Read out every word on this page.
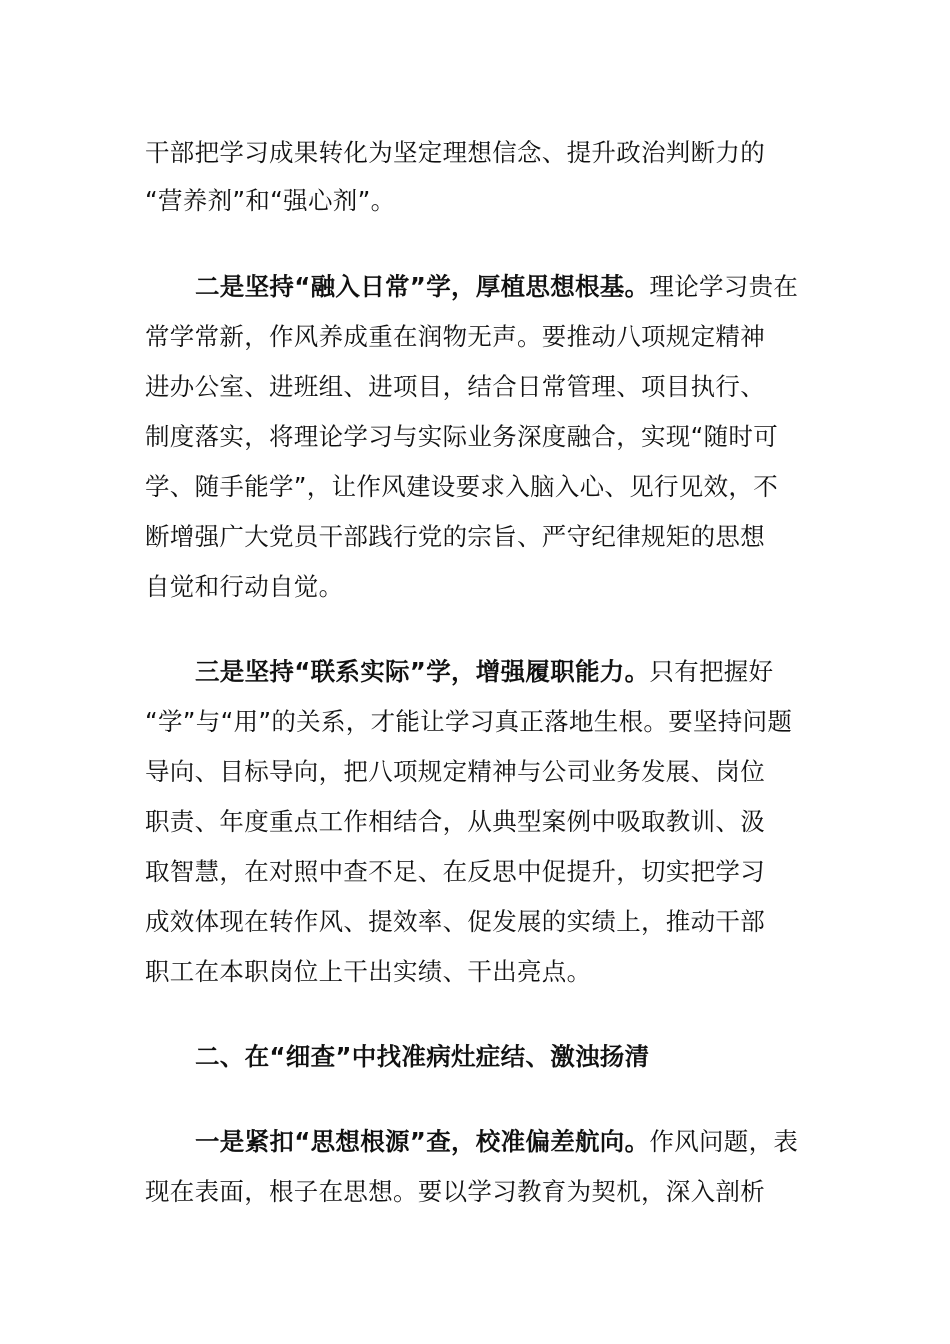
干部把学习成果转化为坚定理想信念、提升政治判断力的
“营养剂”和“强心剂”。
二是坚持“融入日常”学，厚植思想根基。理论学习贵在
常学常新，作风养成重在润物无声。要推动八项规定精神
进办公室、进班组、进项目，结合日常管理、项目执行、
制度落实，将理论学习与实际业务深度融合，实现“随时可
学、随手能学”，让作风建设要求入脑入心、见行见效，不
断增强广大党员干部践行党的宗旨、严守纪律规矩的思想
自觉和行动自觉。
三是坚持“联系实际”学，增强履职能力。只有把握好
“学”与“用”的关系，才能让学习真正落地生根。要坚持问题
导向、目标导向，把八项规定精神与公司业务发展、岗位
职责、年度重点工作相结合，从典型案例中吸取教训、汲
取智慧，在对照中查不足、在反思中促提升，切实把学习
成效体现在转作风、提效率、促发展的实绩上，推动干部
职工在本职岗位上干出实绩、干出亮点。
二、在“细查”中找准病灶症结、激浊扬清
一是紧扣“思想根源”查，校准偏差航向。作风问题，表
现在表面，根子在思想。要以学习教育为契机，深入剖析
